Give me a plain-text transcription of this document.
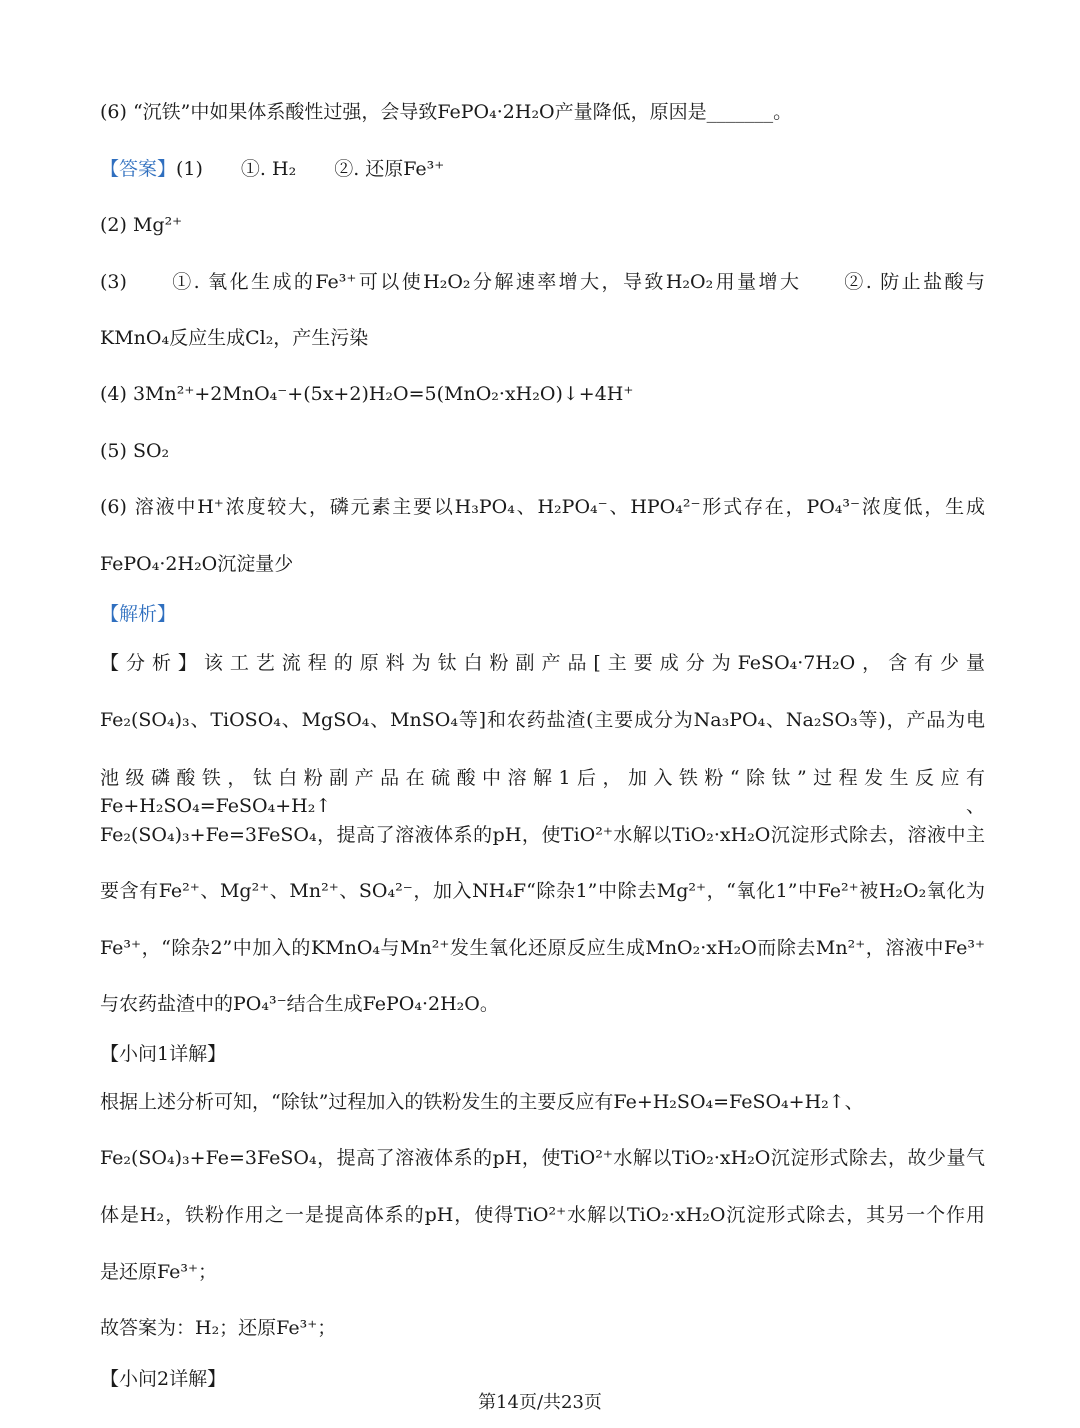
(6) “沉铁”中如果体系酸性过强，会导致FePO₄·2H₂O产量降低，原因是_______。
【答案】(1)　　①. H₂　　②. 还原Fe³⁺
(2) Mg²⁺
(3)　　①. 氧化生成的Fe³⁺可以使H₂O₂分解速率增大，导致H₂O₂用量增大　　②. 防止盐酸与
KMnO₄反应生成Cl₂，产生污染
(4) 3Mn²⁺+2MnO₄⁻+(5x+2)H₂O=5(MnO₂·xH₂O)↓+4H⁺
(5) SO₂
(6) 溶液中H⁺浓度较大，磷元素主要以H₃PO₄、H₂PO₄⁻、HPO₄²⁻形式存在，PO₄³⁻浓度低，生成
FePO₄·2H₂O沉淀量少
【解析】
【分析】该工艺流程的原料为钛白粉副产品[主要成分为FeSO₄·7H₂O，含有少量
Fe₂(SO₄)₃、TiOSO₄、MgSO₄、MnSO₄等]和农药盐渣(主要成分为Na₃PO₄、Na₂SO₃等)，产品为电
池级磷酸铁，钛白粉副产品在硫酸中溶解1后，加入铁粉“除钛”过程发生反应有Fe+H₂SO₄=FeSO₄+H₂↑、
Fe₂(SO₄)₃+Fe=3FeSO₄，提高了溶液体系的pH，使TiO²⁺水解以TiO₂·xH₂O沉淀形式除去，溶液中主
要含有Fe²⁺、Mg²⁺、Mn²⁺、SO₄²⁻，加入NH₄F“除杂1”中除去Mg²⁺，“氧化1”中Fe²⁺被H₂O₂氧化为
Fe³⁺，“除杂2”中加入的KMnO₄与Mn²⁺发生氧化还原反应生成MnO₂·xH₂O而除去Mn²⁺，溶液中Fe³⁺
与农药盐渣中的PO₄³⁻结合生成FePO₄·2H₂O。
【小问1详解】
根据上述分析可知，“除钛”过程加入的铁粉发生的主要反应有Fe+H₂SO₄=FeSO₄+H₂↑、
Fe₂(SO₄)₃+Fe=3FeSO₄，提高了溶液体系的pH，使TiO²⁺水解以TiO₂·xH₂O沉淀形式除去，故少量气
体是H₂，铁粉作用之一是提高体系的pH，使得TiO²⁺水解以TiO₂·xH₂O沉淀形式除去，其另一个作用
是还原Fe³⁺；
故答案为：H₂；还原Fe³⁺；
【小问2详解】
第14页/共23页
